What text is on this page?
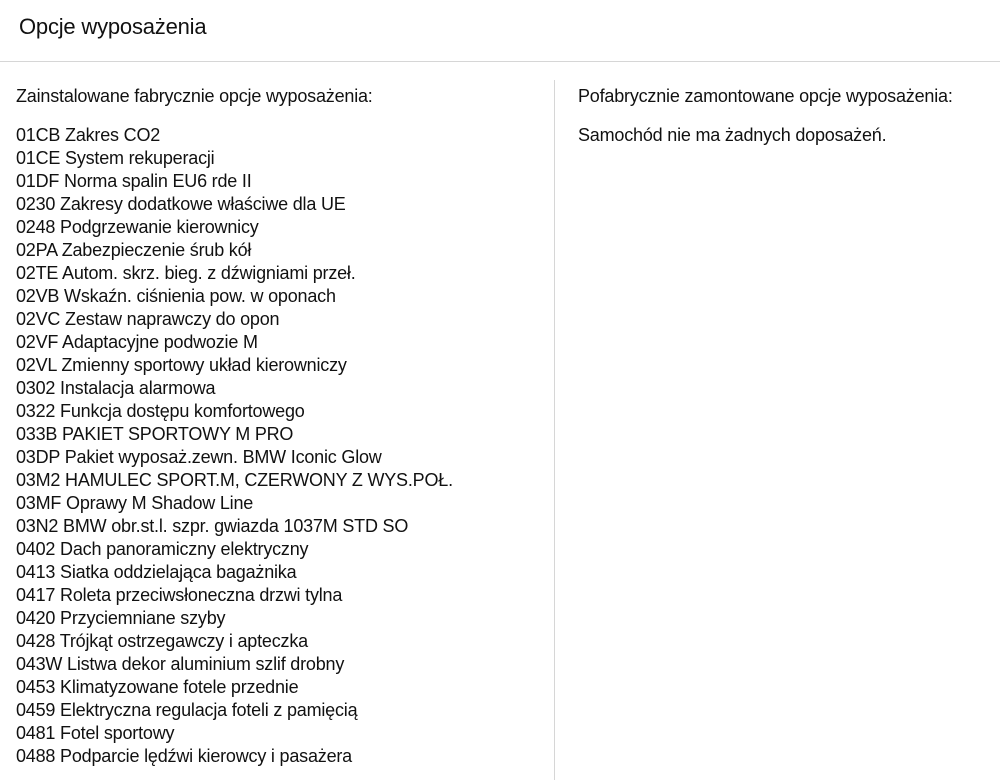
Opcje wyposażenia
Zainstalowane fabrycznie opcje wyposażenia:
01CB Zakres CO2
01CE System rekuperacji
01DF Norma spalin EU6 rde II
0230 Zakresy dodatkowe właściwe dla UE
0248 Podgrzewanie kierownicy
02PA Zabezpieczenie śrub kół
02TE Autom. skrz. bieg. z dźwigniami przeł.
02VB Wskaźn. ciśnienia pow. w oponach
02VC Zestaw naprawczy do opon
02VF Adaptacyjne podwozie M
02VL Zmienny sportowy układ kierowniczy
0302 Instalacja alarmowa
0322 Funkcja dostępu komfortowego
033B PAKIET SPORTOWY M PRO
03DP Pakiet wyposaż.zewn. BMW Iconic Glow
03M2 HAMULEC SPORT.M, CZERWONY Z WYS.POŁ.
03MF Oprawy M Shadow Line
03N2 BMW obr.st.l. szpr. gwiazda 1037M STD SO
0402 Dach panoramiczny elektryczny
0413 Siatka oddzielająca bagażnika
0417 Roleta przeciwsłoneczna drzwi tylna
0420 Przyciemniane szyby
0428 Trójkąt ostrzegawczy i apteczka
043W Listwa dekor aluminium szlif drobny
0453 Klimatyzowane fotele przednie
0459 Elektryczna regulacja foteli z pamięcią
0481 Fotel sportowy
0488 Podparcie lędźwi kierowcy i pasażera
Pofabrycznie zamontowane opcje wyposażenia:
Samochód nie ma żadnych doposażeń.
